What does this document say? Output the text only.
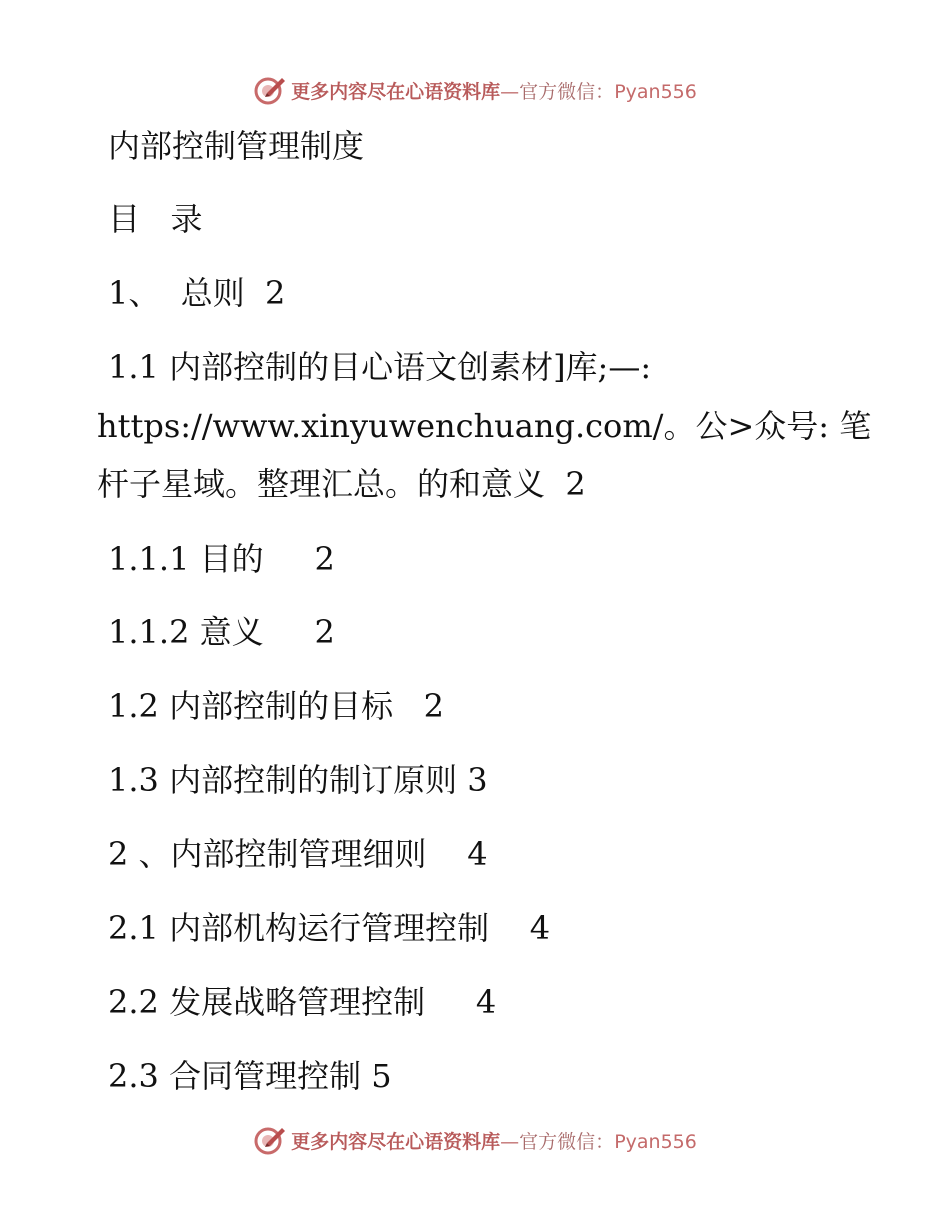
更多内容尽在心语资料库—官方微信：Pyan556
内部控制管理制度
目   录
1、  总则  2
1.1 内部控制的目心语文创素材]库;—:
https://www.xinyuwenchuang.com/。公>众号: 笔
杆子星域。整理汇总。的和意义  2
1.1.1 目的     2
1.1.2 意义     2
1.2 内部控制的目标   2
1.3 内部控制的制订原则 3
2 、内部控制管理细则    4
2.1 内部机构运行管理控制    4
2.2 发展战略管理控制     4
2.3 合同管理控制 5
更多内容尽在心语资料库—官方微信：Pyan556
